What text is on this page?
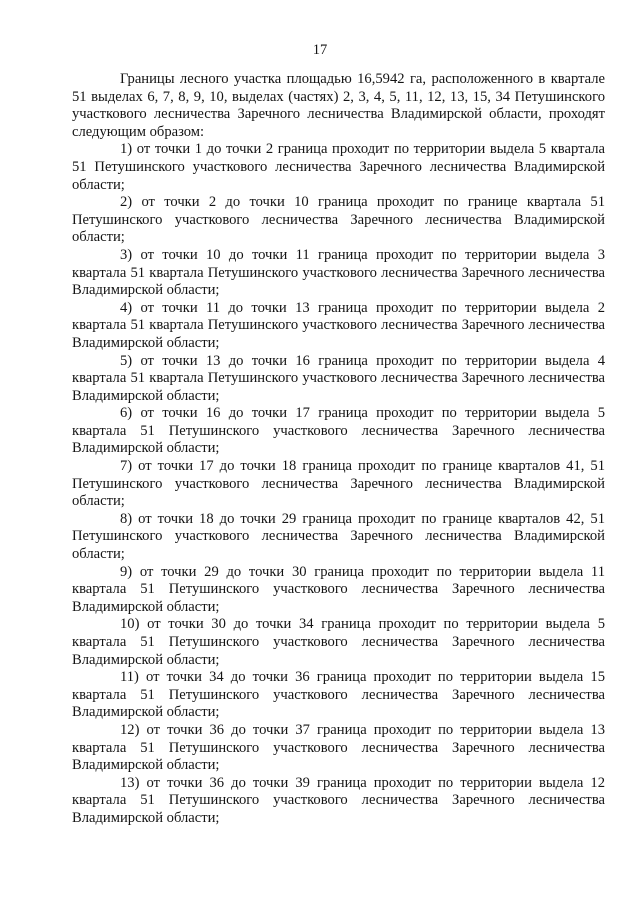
17

Границы лесного участка площадью 16,5942 га, расположенного в квартале 51 выделах 6, 7, 8, 9, 10, выделах (частях) 2, 3, 4, 5, 11, 12, 13, 15, 34 Петушинского участкового лесничества Заречного лесничества Владимирской области, проходят следующим образом:

1) от точки 1 до точки 2 граница проходит по территории выдела 5 квартала 51 Петушинского участкового лесничества Заречного лесничества Владимирской области;

2) от точки 2 до точки 10 граница проходит по границе квартала 51 Петушинского участкового лесничества Заречного лесничества Владимирской области;

3) от точки 10 до точки 11 граница проходит по территории выдела 3 квартала 51 квартала Петушинского участкового лесничества Заречного лесничества Владимирской области;

4) от точки 11 до точки 13 граница проходит по территории выдела 2 квартала 51 квартала Петушинского участкового лесничества Заречного лесничества Владимирской области;

5) от точки 13 до точки 16 граница проходит по территории выдела 4 квартала 51 квартала Петушинского участкового лесничества Заречного лесничества Владимирской области;

6) от точки 16 до точки 17 граница проходит по территории выдела 5 квартала 51 Петушинского участкового лесничества Заречного лесничества Владимирской области;

7) от точки 17 до точки 18 граница проходит по границе кварталов 41, 51 Петушинского участкового лесничества Заречного лесничества Владимирской области;

8) от точки 18 до точки 29 граница проходит по границе кварталов 42, 51 Петушинского участкового лесничества Заречного лесничества Владимирской области;

9) от точки 29 до точки 30 граница проходит по территории выдела 11 квартала 51 Петушинского участкового лесничества Заречного лесничества Владимирской области;

10) от точки 30 до точки 34 граница проходит по территории выдела 5 квартала 51 Петушинского участкового лесничества Заречного лесничества Владимирской области;

11) от точки 34 до точки 36 граница проходит по территории выдела 15 квартала 51 Петушинского участкового лесничества Заречного лесничества Владимирской области;

12) от точки 36 до точки 37 граница проходит по территории выдела 13 квартала 51 Петушинского участкового лесничества Заречного лесничества Владимирской области;

13) от точки 36 до точки 39 граница проходит по территории выдела 12 квартала 51 Петушинского участкового лесничества Заречного лесничества Владимирской области;
